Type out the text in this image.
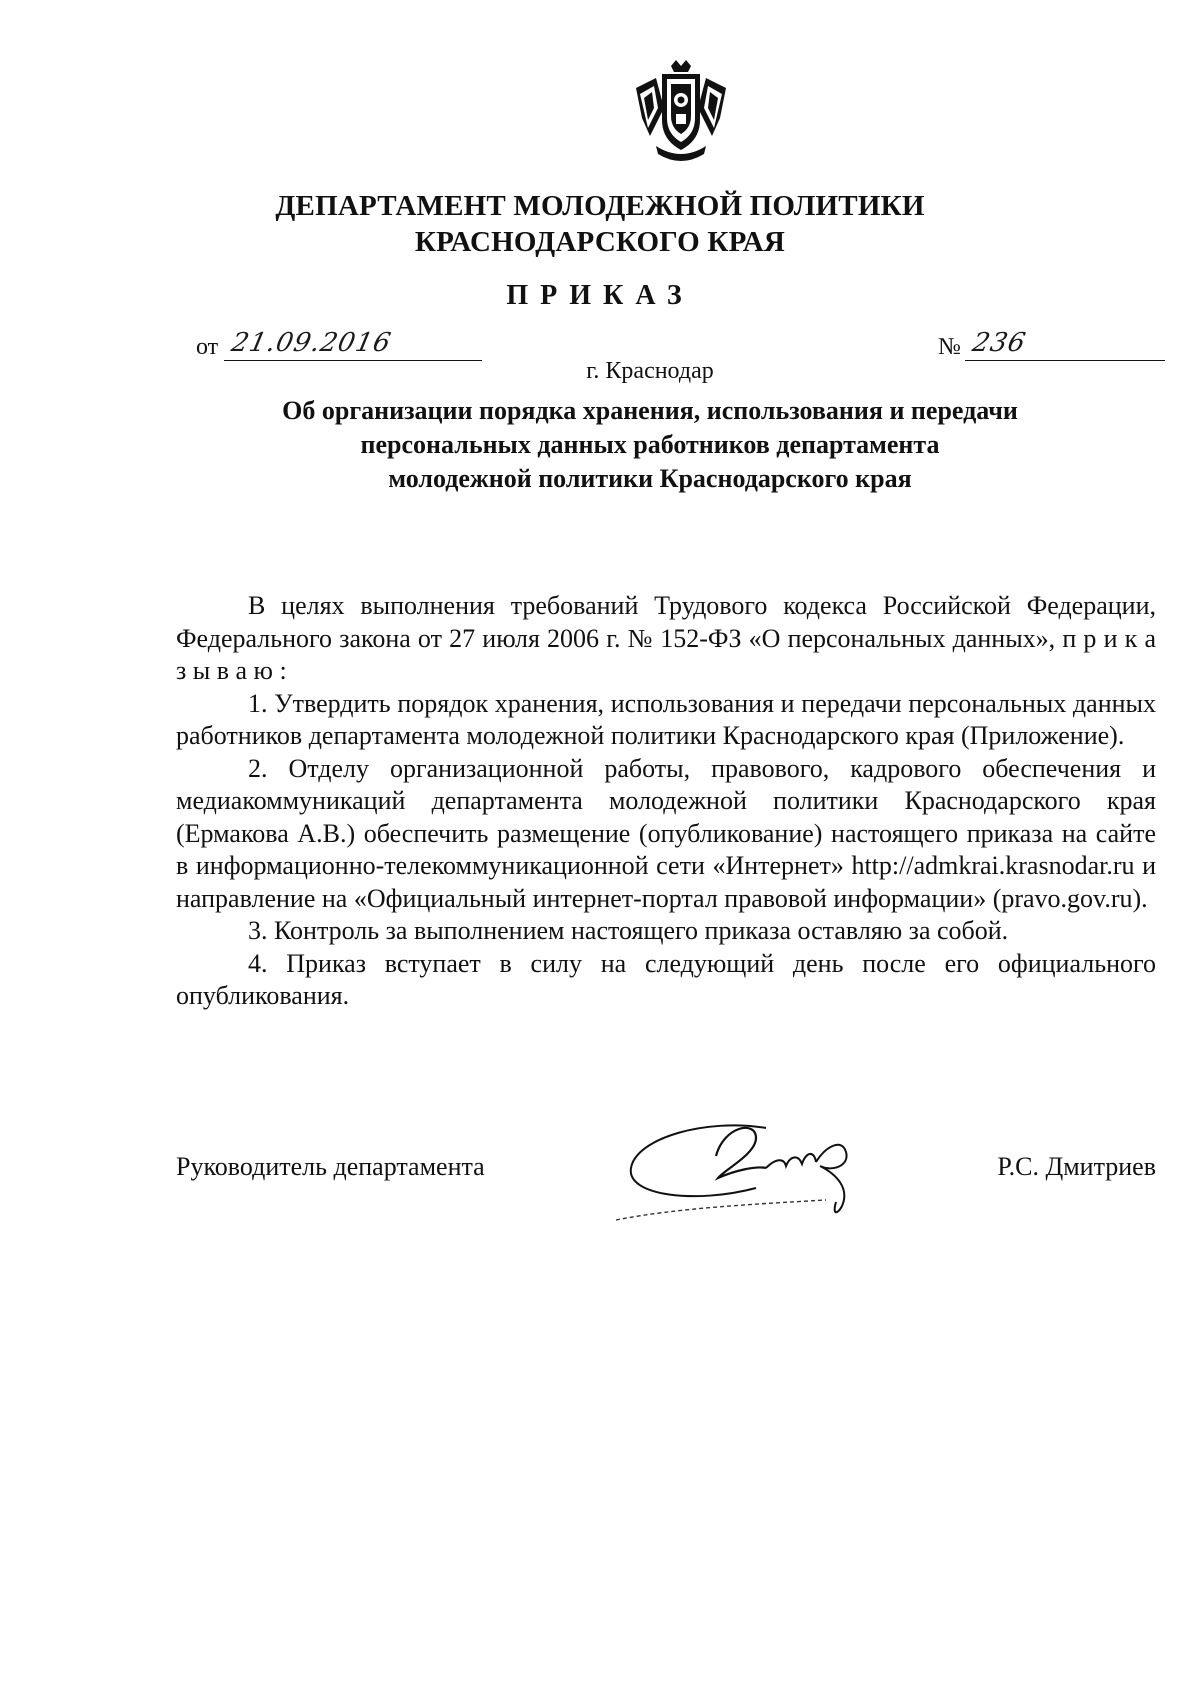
ДЕПАРТАМЕНТ МОЛОДЕЖНОЙ ПОЛИТИКИ
КРАСНОДАРСКОГО КРАЯ
ПРИКАЗ
от 21.09.2016	№ 236
г. Краснодар
Об организации порядка хранения, использования и передачи
персональных данных работников департамента
молодежной политики Краснодарского края

В целях выполнения требований Трудового кодекса Российской Федерации, Федерального закона от 27 июля 2006 г. № 152-ФЗ «О персональных данных», п р и к а з ы в а ю :

1. Утвердить порядок хранения, использования и передачи персональных данных работников департамента молодежной политики Краснодарского края (Приложение).

2. Отделу организационной работы, правового, кадрового обеспечения и медиакоммуникаций департамента молодежной политики Краснодарского края (Ермакова А.В.) обеспечить размещение (опубликование) настоящего приказа на сайте в информационно-телекоммуникационной сети «Интернет» http://admkrai.krasnodar.ru и направление на «Официальный интернет-портал правовой информации» (pravo.gov.ru).

3. Контроль за выполнением настоящего приказа оставляю за собой.

4. Приказ вступает в силу на следующий день после его официального опубликования.

Руководитель департамента	Р.С. Дмитриев
